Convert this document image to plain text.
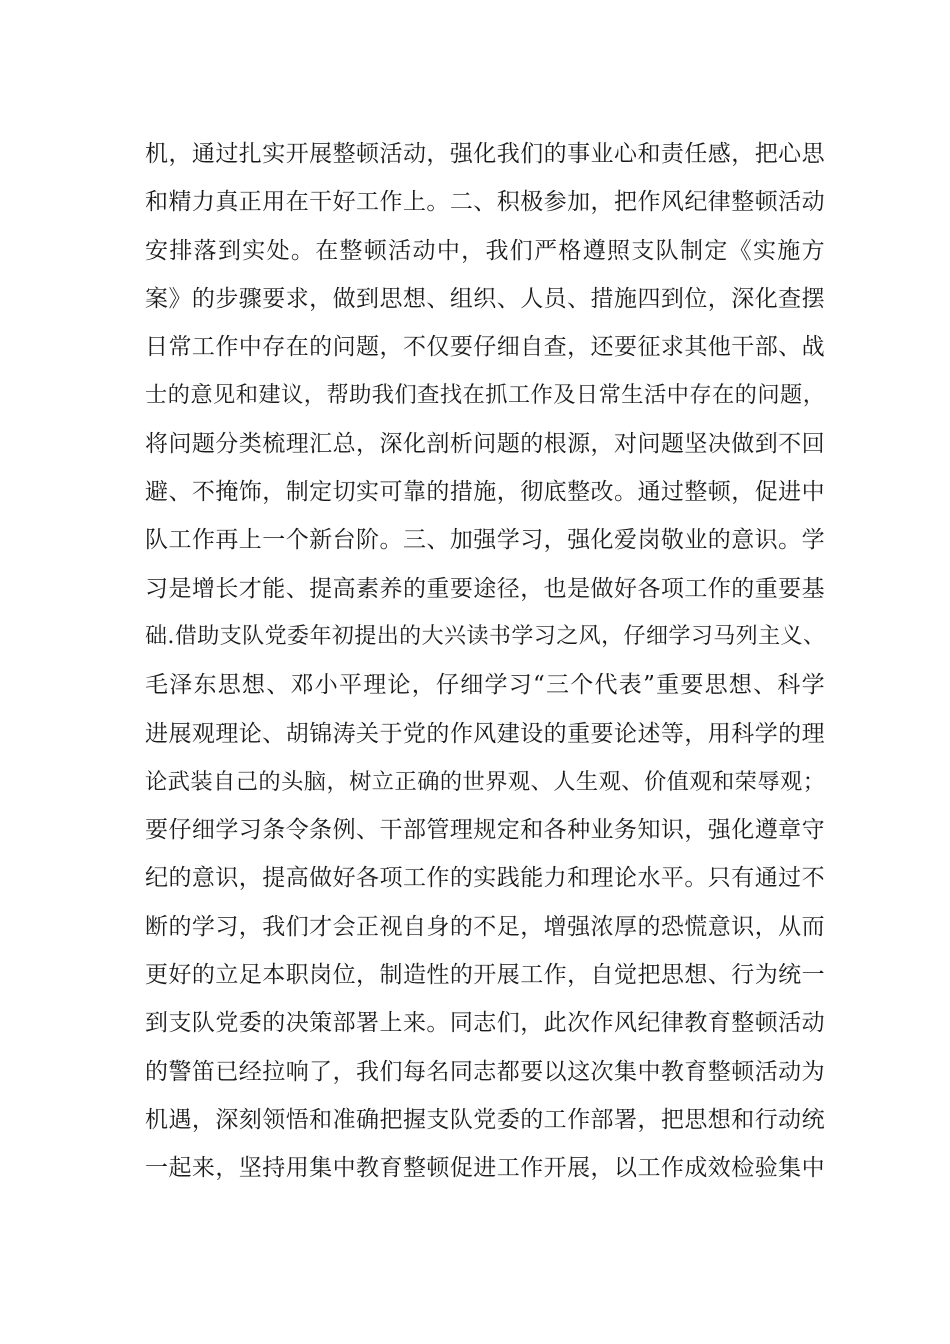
机，通过扎实开展整顿活动，强化我们的事业心和责任感，把心思
和精力真正用在干好工作上。二、积极参加，把作风纪律整顿活动
安排落到实处。在整顿活动中，我们严格遵照支队制定《实施方
案》的步骤要求，做到思想、组织、人员、措施四到位，深化查摆
日常工作中存在的问题，不仅要仔细自查，还要征求其他干部、战
士的意见和建议，帮助我们查找在抓工作及日常生活中存在的问题，
将问题分类梳理汇总，深化剖析问题的根源，对问题坚决做到不回
避、不掩饰，制定切实可靠的措施，彻底整改。通过整顿，促进中
队工作再上一个新台阶。三、加强学习，强化爱岗敬业的意识。学
习是增长才能、提高素养的重要途径，也是做好各项工作的重要基
础.借助支队党委年初提出的大兴读书学习之风，仔细学习马列主义、
毛泽东思想、邓小平理论，仔细学习“三个代表”重要思想、科学
进展观理论、胡锦涛关于党的作风建设的重要论述等，用科学的理
论武装自己的头脑，树立正确的世界观、人生观、价值观和荣辱观；
要仔细学习条令条例、干部管理规定和各种业务知识，强化遵章守
纪的意识，提高做好各项工作的实践能力和理论水平。只有通过不
断的学习，我们才会正视自身的不足，增强浓厚的恐慌意识，从而
更好的立足本职岗位，制造性的开展工作，自觉把思想、行为统一
到支队党委的决策部署上来。同志们，此次作风纪律教育整顿活动
的警笛已经拉响了，我们每名同志都要以这次集中教育整顿活动为
机遇，深刻领悟和准确把握支队党委的工作部署，把思想和行动统
一起来，坚持用集中教育整顿促进工作开展，以工作成效检验集中
